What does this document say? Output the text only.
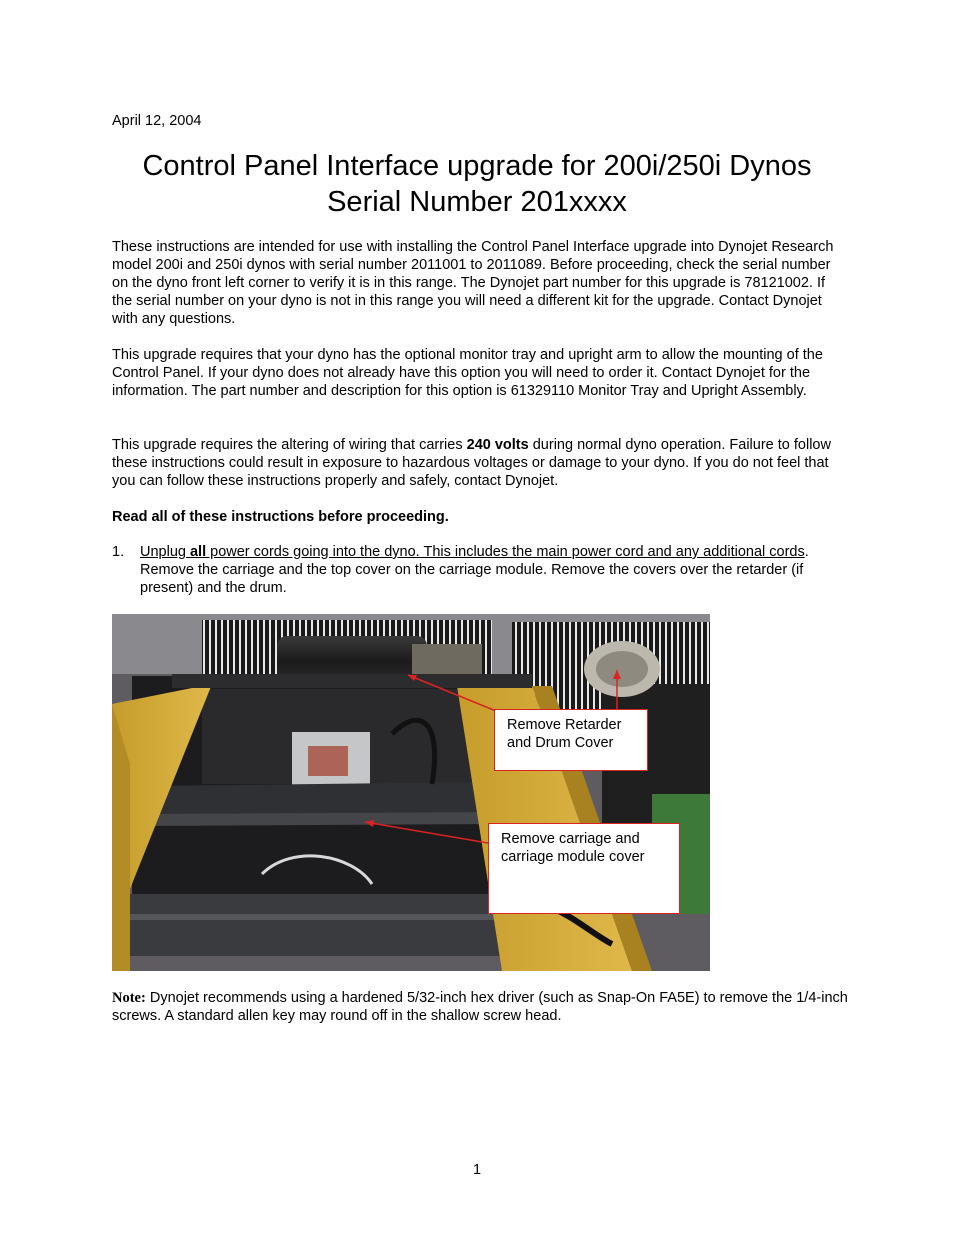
April 12, 2004
Control Panel Interface upgrade for 200i/250i Dynos
Serial Number 201xxxx

These instructions are intended for use with installing the Control Panel Interface upgrade into Dynojet Research model 200i and 250i dynos with serial number 2011001 to 2011089. Before proceeding, check the serial number on the dyno front left corner to verify it is in this range. The Dynojet part number for this upgrade is 78121002. If the serial number on your dyno is not in this range you will need a different kit for the upgrade. Contact Dynojet with any questions.

This upgrade requires that your dyno has the optional monitor tray and upright arm to allow the mounting of the Control Panel. If your dyno does not already have this option you will need to order it. Contact Dynojet for the information. The part number and description for this option is 61329110 Monitor Tray and Upright Assembly.

This upgrade requires the altering of wiring that carries 240 volts during normal dyno operation. Failure to follow these instructions could result in exposure to hazardous voltages or damage to your dyno. If you do not feel that you can follow these instructions properly and safely, contact Dynojet.

Read all of these instructions before proceeding.

1. Unplug all power cords going into the dyno. This includes the main power cord and any additional cords. Remove the carriage and the top cover on the carriage module. Remove the covers over the retarder (if present) and the drum.
Remove Retarder
and Drum Cover
Remove carriage and
carriage module cover

Note: Dynojet recommends using a hardened 5/32-inch hex driver (such as Snap-On FA5E) to remove the 1/4-inch screws. A standard allen key may round off in the shallow screw head.

1
